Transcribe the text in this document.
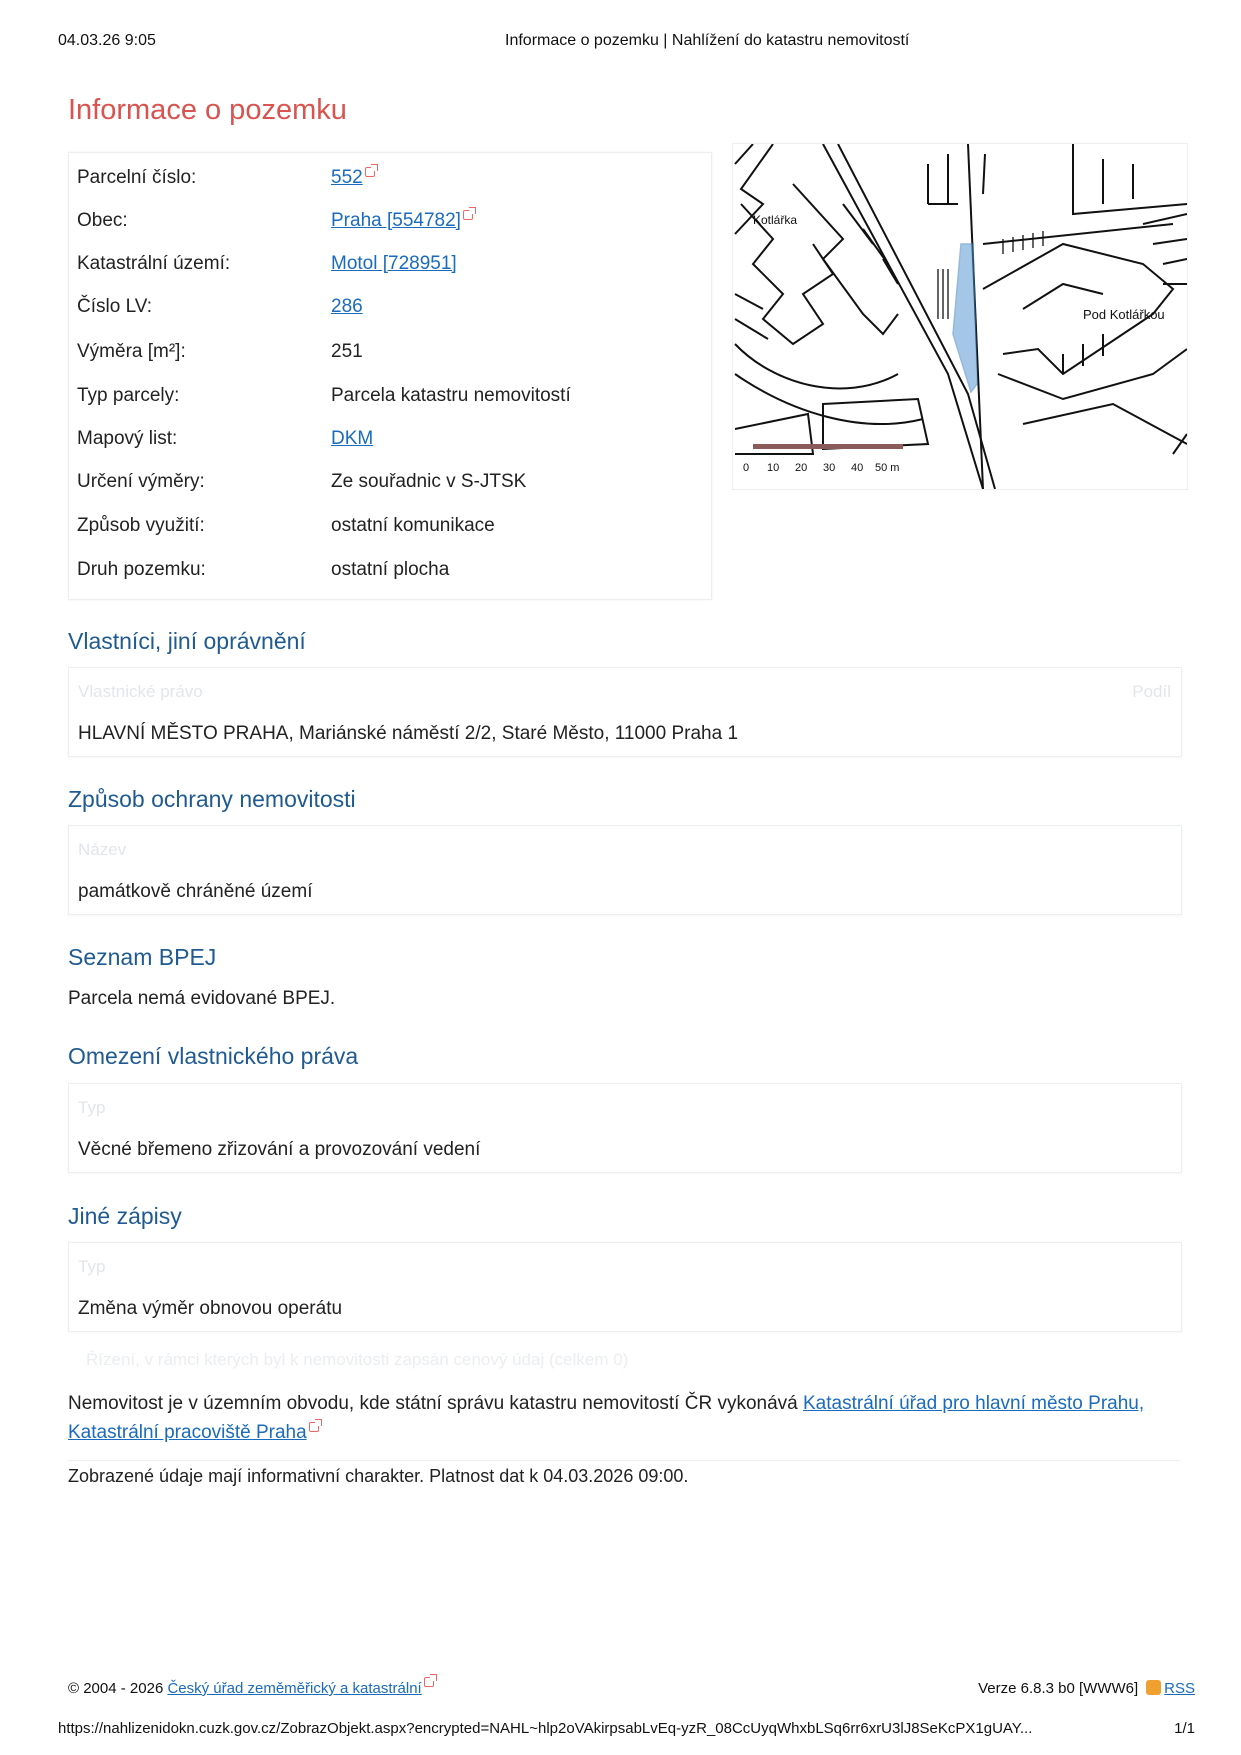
04.03.26 9:05	Informace o pozemku | Nahlížení do katastru nemovitostí
Informace o pozemku
Parcelní číslo:	552
Obec:	Praha [554782]
Katastrální území:	Motol [728951]
Číslo LV:	286
Výměra [m²]:	251
Typ parcely:	Parcela katastru nemovitostí
Mapový list:	DKM
Určení výměry:	Ze souřadnic v S-JTSK
Způsob využití:	ostatní komunikace
Druh pozemku:	ostatní plocha
Kotlářka
Pod Kotlářkou
0 10 20 30 40 50 m
Vlastníci, jiní oprávnění
Vlastnické právo	Podíl
HLAVNÍ MĚSTO PRAHA, Mariánské náměstí 2/2, Staré Město, 11000 Praha 1
Způsob ochrany nemovitosti
Název
památkově chráněné území
Seznam BPEJ
Parcela nemá evidované BPEJ.
Omezení vlastnického práva
Typ
Věcné břemeno zřizování a provozování vedení
Jiné zápisy
Typ
Změna výměr obnovou operátu
Řízení, v rámci kterých byl k nemovitosti zapsán cenový údaj (celkem 0)
Nemovitost je v územním obvodu, kde státní správu katastru nemovitostí ČR vykonává Katastrální úřad pro hlavní město Prahu, Katastrální pracoviště Praha
Zobrazené údaje mají informativní charakter. Platnost dat k 04.03.2026 09:00.
© 2004 - 2026 Český úřad zeměměřický a katastrální	Verze 6.8.3 b0 [WWW6] RSS
https://nahlizenidokn.cuzk.gov.cz/ZobrazObjekt.aspx?encrypted=NAHL~hlp2oVAkirpsabLvEq-yzR_08CcUyqWhxbLSq6rr6xrU3lJ8SeKcPX1gUAY...	1/1
